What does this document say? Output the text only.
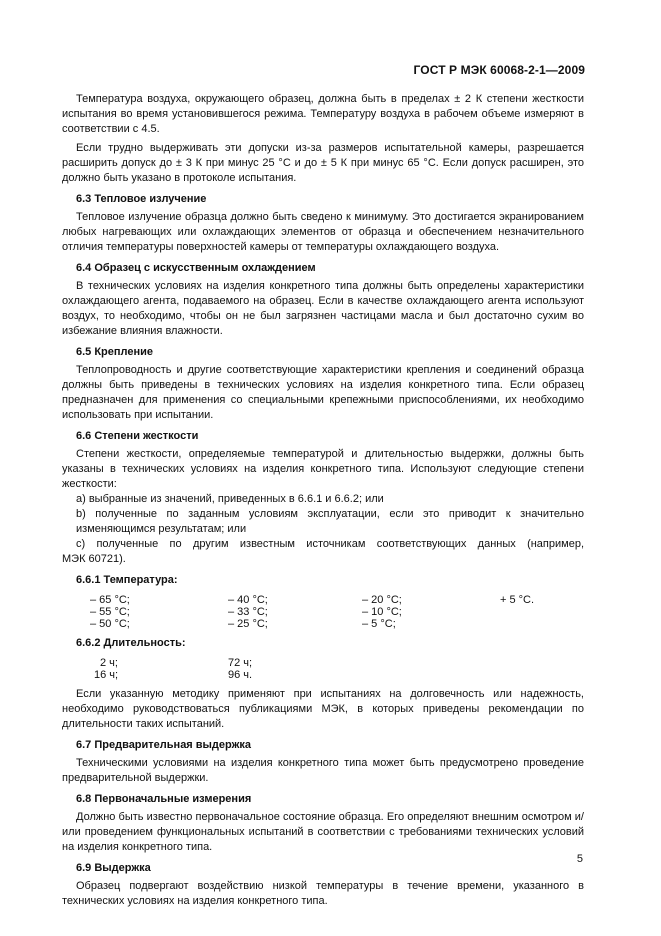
ГОСТ Р МЭК 60068-2-1—2009

Температура воздуха, окружающего образец, должна быть в пределах ± 2 К степени жесткости испытания во время установившегося режима. Температуру воздуха в рабочем объеме измеряют в соответствии с 4.5.

Если трудно выдерживать эти допуски из-за размеров испытательной камеры, разрешается расширить допуск до ± 3 К при минус 25 °С и до ± 5 К при минус 65 °С. Если допуск расширен, это должно быть указано в протоколе испытания.

6.3 Тепловое излучение

Тепловое излучение образца должно быть сведено к минимуму. Это достигается экранированием любых нагревающих или охлаждающих элементов от образца и обеспечением незначительного отличия температуры поверхностей камеры от температуры охлаждающего воздуха.

6.4 Образец с искусственным охлаждением

В технических условиях на изделия конкретного типа должны быть определены характеристики охлаждающего агента, подаваемого на образец. Если в качестве охлаждающего агента используют воздух, то необходимо, чтобы он не был загрязнен частицами масла и был достаточно сухим во избежание влияния влажности.

6.5 Крепление

Теплопроводность и другие соответствующие характеристики крепления и соединений образца должны быть приведены в технических условиях на изделия конкретного типа. Если образец предназначен для применения со специальными крепежными приспособлениями, их необходимо использовать при испытании.

6.6 Степени жесткости

Степени жесткости, определяемые температурой и длительностью выдержки, должны быть указаны в технических условиях на изделия конкретного типа. Используют следующие степени жесткости:

a) выбранные из значений, приведенных в 6.6.1 и 6.6.2; или

b) полученные по заданным условиям эксплуатации, если это приводит к значительно изменяющимся результатам; или

c) полученные по другим известным источникам соответствующих данных (например,

МЭК 60721).

6.6.1 Температура:
– 65 °С;	– 40 °С;	– 20 °С;	+ 5 °С.
– 55 °С;	– 33 °С;	– 10 °С;
– 50 °С;	– 25 °С;	– 5 °С;
6.6.2 Длительность:
2 ч;	72 ч;
16 ч;	96 ч.

Если указанную методику применяют при испытаниях на долговечность или надежность, необходимо руководствоваться публикациями МЭК, в которых приведены рекомендации по длительности таких испытаний.

6.7 Предварительная выдержка

Техническими условиями на изделия конкретного типа может быть предусмотрено проведение предварительной выдержки.

6.8 Первоначальные измерения

Должно быть известно первоначальное состояние образца. Его определяют внешним осмотром и/или проведением функциональных испытаний в соответствии с требованиями технических условий на изделия конкретного типа.

6.9 Выдержка

Образец подвергают воздействию низкой температуры в течение времени, указанного в технических условиях на изделия конкретного типа.

5
